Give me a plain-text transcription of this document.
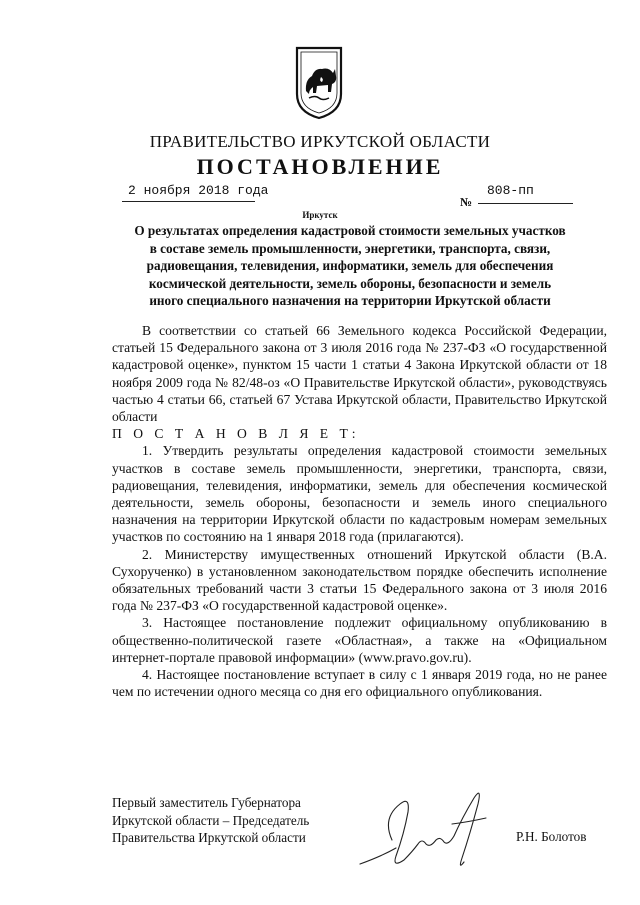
ПРАВИТЕЛЬСТВО ИРКУТСКОЙ ОБЛАСТИ
ПОСТАНОВЛЕНИЕ
2 ноября 2018 года
№
808-пп
Иркутск
О результатах определения кадастровой стоимости земельных участков
в составе земель промышленности, энергетики, транспорта, связи,
радиовещания, телевидения, информатики, земель для обеспечения
космической деятельности, земель обороны, безопасности и земель
иного специального назначения на территории Иркутской области

В соответствии со статьей 66 Земельного кодекса Российской Федерации, статьей 15 Федерального закона от 3 июля 2016 года № 237-ФЗ «О государственной кадастровой оценке», пунктом 15 части 1 статьи 4 Закона Иркутской области от 18 ноября 2009 года № 82/48-оз «О Правительстве Иркутской области», руководствуясь частью 4 статьи 66, статьей 67 Устава Иркутской области, Правительство Иркутской области

П О С Т А Н О В Л Я Е Т:

1. Утвердить результаты определения кадастровой стоимости земельных участков в составе земель промышленности, энергетики, транспорта, связи, радиовещания, телевидения, информатики, земель для обеспечения космической деятельности, земель обороны, безопасности и земель иного специального назначения на территории Иркутской области по кадастровым номерам земельных участков по состоянию на 1 января 2018 года (прилагаются).

2. Министерству имущественных отношений Иркутской области (В.А. Сухорученко) в установленном законодательством порядке обеспечить исполнение обязательных требований части 3 статьи 15 Федерального закона от 3 июля 2016 года № 237-ФЗ «О государственной кадастровой оценке».

3. Настоящее постановление подлежит официальному опубликованию в общественно-политической газете «Областная», а также на «Официальном интернет-портале правовой информации» (www.pravo.gov.ru).

4. Настоящее постановление вступает в силу с 1 января 2019 года, но не ранее чем по истечении одного месяца со дня его официального опубликования.

Первый заместитель Губернатора
Иркутской области – Председатель
Правительства Иркутской области	Р.Н. Болотов
